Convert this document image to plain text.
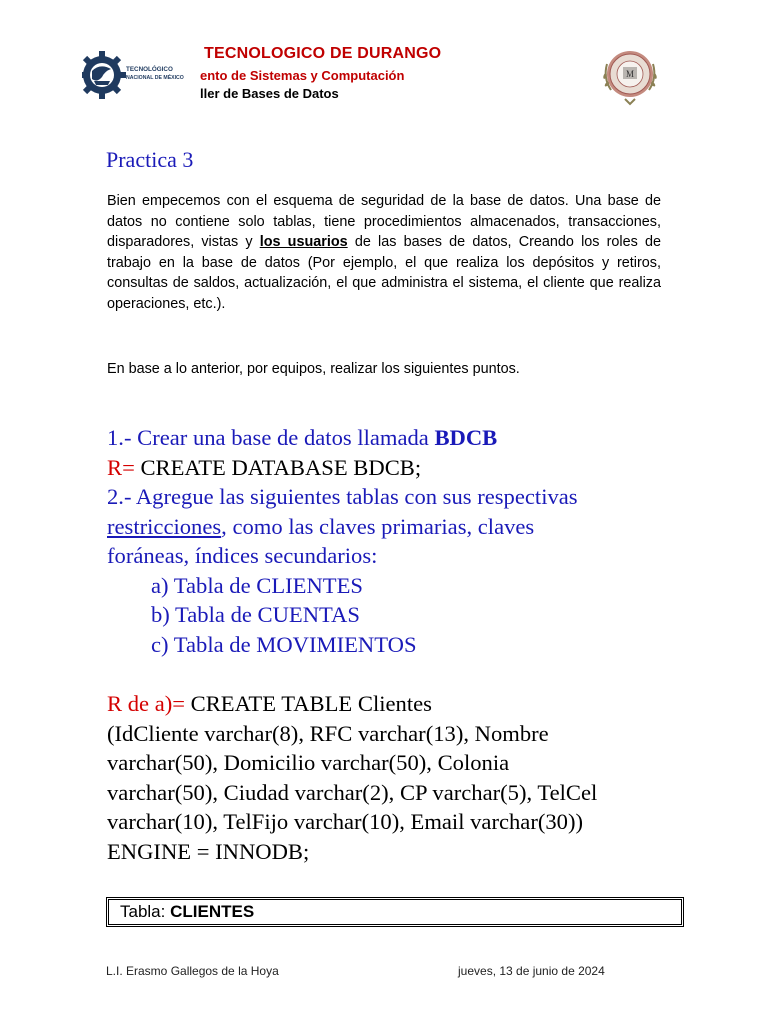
TECNOLÓGICO
NACIONAL DE MÉXICO
TECNOLOGICO DE DURANGO
ento de Sistemas y Computación
ller de Bases de Datos
M
Practica 3
Bien empecemos con el esquema de seguridad de la base de datos. Una base de datos no contiene solo tablas, tiene procedimientos almacenados, transacciones, disparadores, vistas y los usuarios de las bases de datos, Creando los roles de trabajo en la base de datos (Por ejemplo, el que realiza los depósitos y retiros, consultas de saldos, actualización, el que administra el sistema, el cliente que realiza operaciones, etc.).
En base a lo anterior, por equipos, realizar los siguientes puntos.
1.- Crear una base de datos llamada BDCB
R= CREATE DATABASE BDCB;
2.- Agregue las siguientes tablas con sus respectivas
restricciones, como las claves primarias, claves
foráneas, índices secundarios:
a) Tabla de CLIENTES
b) Tabla de CUENTAS
c) Tabla de MOVIMIENTOS
R de a)= CREATE TABLE Clientes
(IdCliente varchar(8), RFC varchar(13), Nombre
varchar(50), Domicilio varchar(50), Colonia
varchar(50), Ciudad varchar(2), CP varchar(5), TelCel
varchar(10), TelFijo varchar(10), Email varchar(30))
ENGINE = INNODB;
Tabla: CLIENTES
L.I. Erasmo Gallegos de la Hoya	jueves, 13 de junio de 2024
